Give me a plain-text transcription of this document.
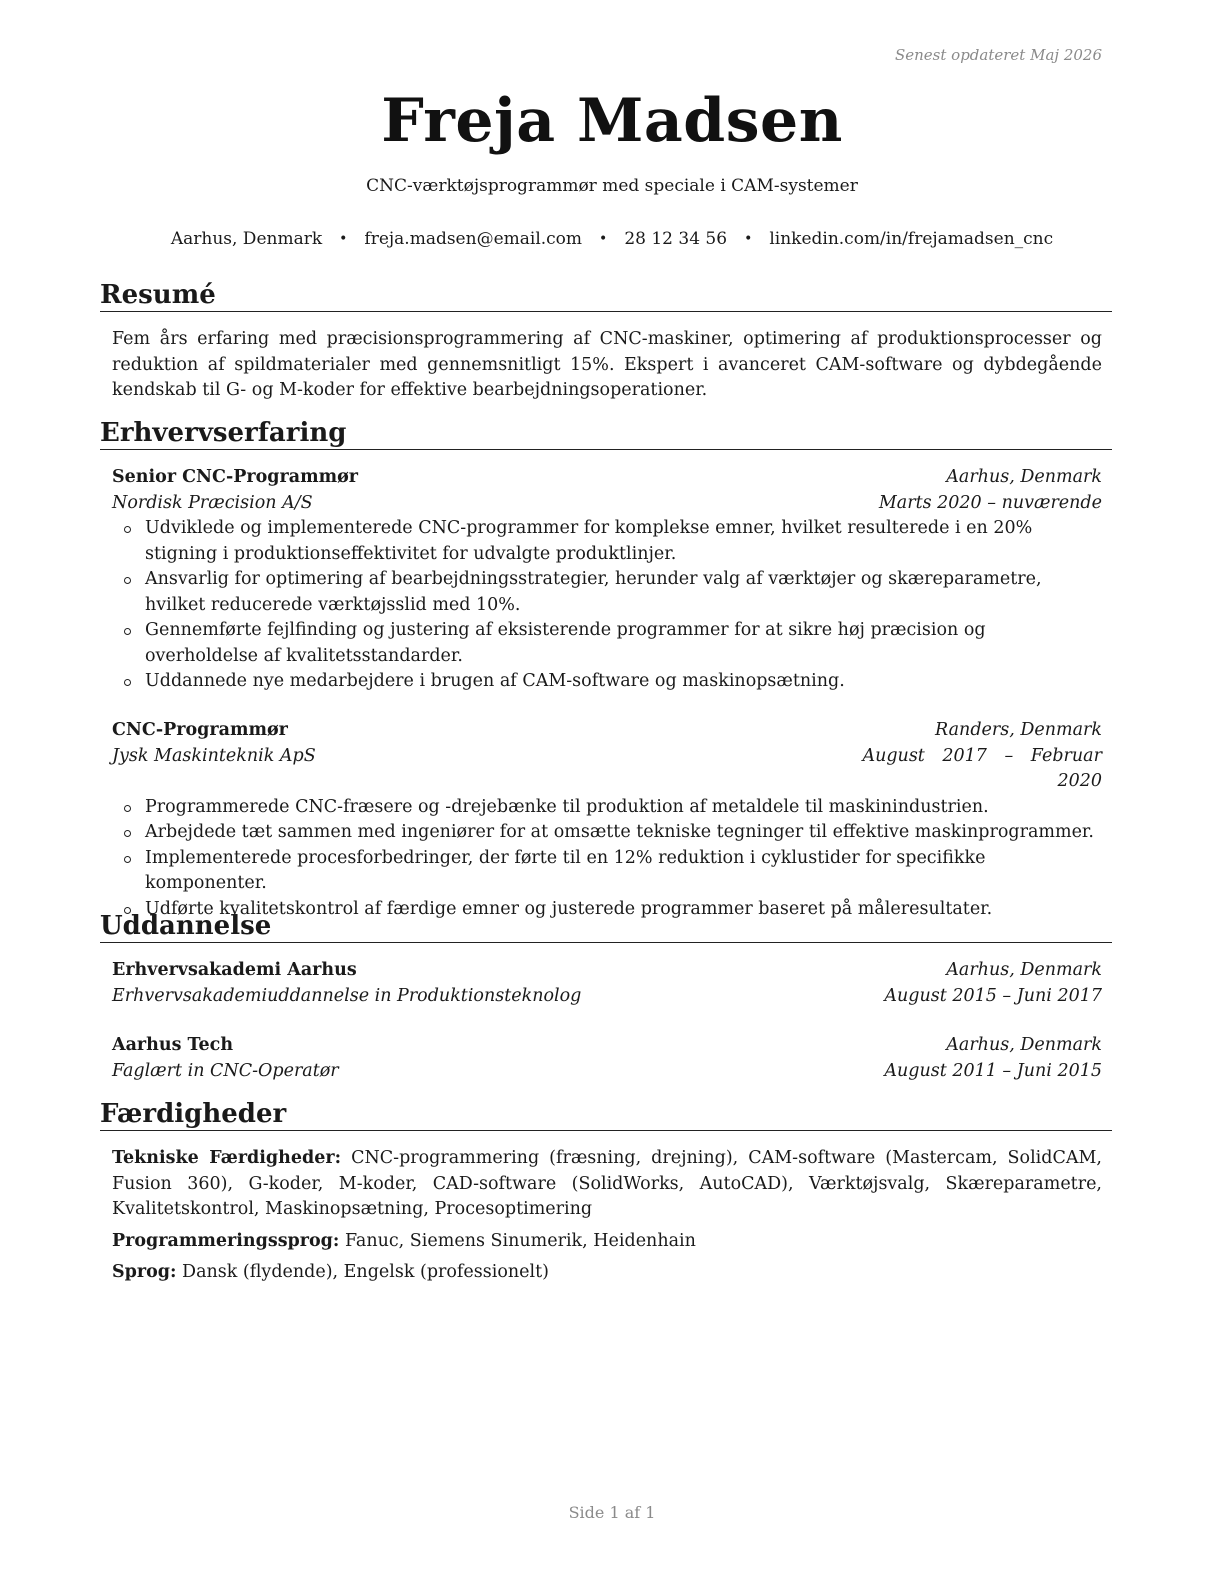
Senest opdateret Maj 2026
Freja Madsen
CNC-værktøjsprogrammør med speciale i CAM-systemer
Aarhus, Denmark • freja.madsen@email.com • 28 12 34 56 • linkedin.com/in/frejamadsen_cnc
Resumé
Fem års erfaring med præcisionsprogrammering af CNC-maskiner, optimering af produktionsprocesser og reduktion af spildmaterialer med gennemsnitligt 15%. Ekspert i avanceret CAM-software og dybdegående kendskab til G- og M-koder for effektive bearbejdningsoperationer.
Erhvervserfaring
Senior CNC-Programmør	Aarhus, Denmark
Nordisk Præcision A/S	Marts 2020 – nuværende
Udviklede og implementerede CNC-programmer for komplekse emner, hvilket resulterede i en 20% stigning i produktionseffektivitet for udvalgte produktlinjer.
Ansvarlig for optimering af bearbejdningsstrategier, herunder valg af værktøjer og skæreparametre, hvilket reducerede værktøjsslid med 10%.
Gennemførte fejlfinding og justering af eksisterende programmer for at sikre høj præcision og overholdelse af kvalitetsstandarder.
Uddannede nye medarbejdere i brugen af CAM-software og maskinopsætning.
CNC-Programmør	Randers, Denmark
Jysk Maskinteknik ApS	August 2017 – Februar
2020
Programmerede CNC-fræsere og -drejebænke til produktion af metaldele til maskinindustrien.
Arbejdede tæt sammen med ingeniører for at omsætte tekniske tegninger til effektive maskinprogrammer.
Implementerede procesforbedringer, der førte til en 12% reduktion i cyklustider for specifikke komponenter.
Udførte kvalitetskontrol af færdige emner og justerede programmer baseret på måleresultater.
Uddannelse
Erhvervsakademi Aarhus	Aarhus, Denmark
Erhvervsakademiuddannelse in Produktionsteknolog	August 2015 – Juni 2017
Aarhus Tech	Aarhus, Denmark
Faglært in CNC-Operatør	August 2011 – Juni 2015
Færdigheder
Tekniske Færdigheder: CNC-programmering (fræsning, drejning), CAM-software (Mastercam, SolidCAM, Fusion 360), G-koder, M-koder, CAD-software (SolidWorks, AutoCAD), Værktøjsvalg, Skæreparametre, Kvalitetskontrol, Maskinopsætning, Procesoptimering
Programmeringssprog: Fanuc, Siemens Sinumerik, Heidenhain
Sprog: Dansk (flydende), Engelsk (professionelt)
Side 1 af 1
